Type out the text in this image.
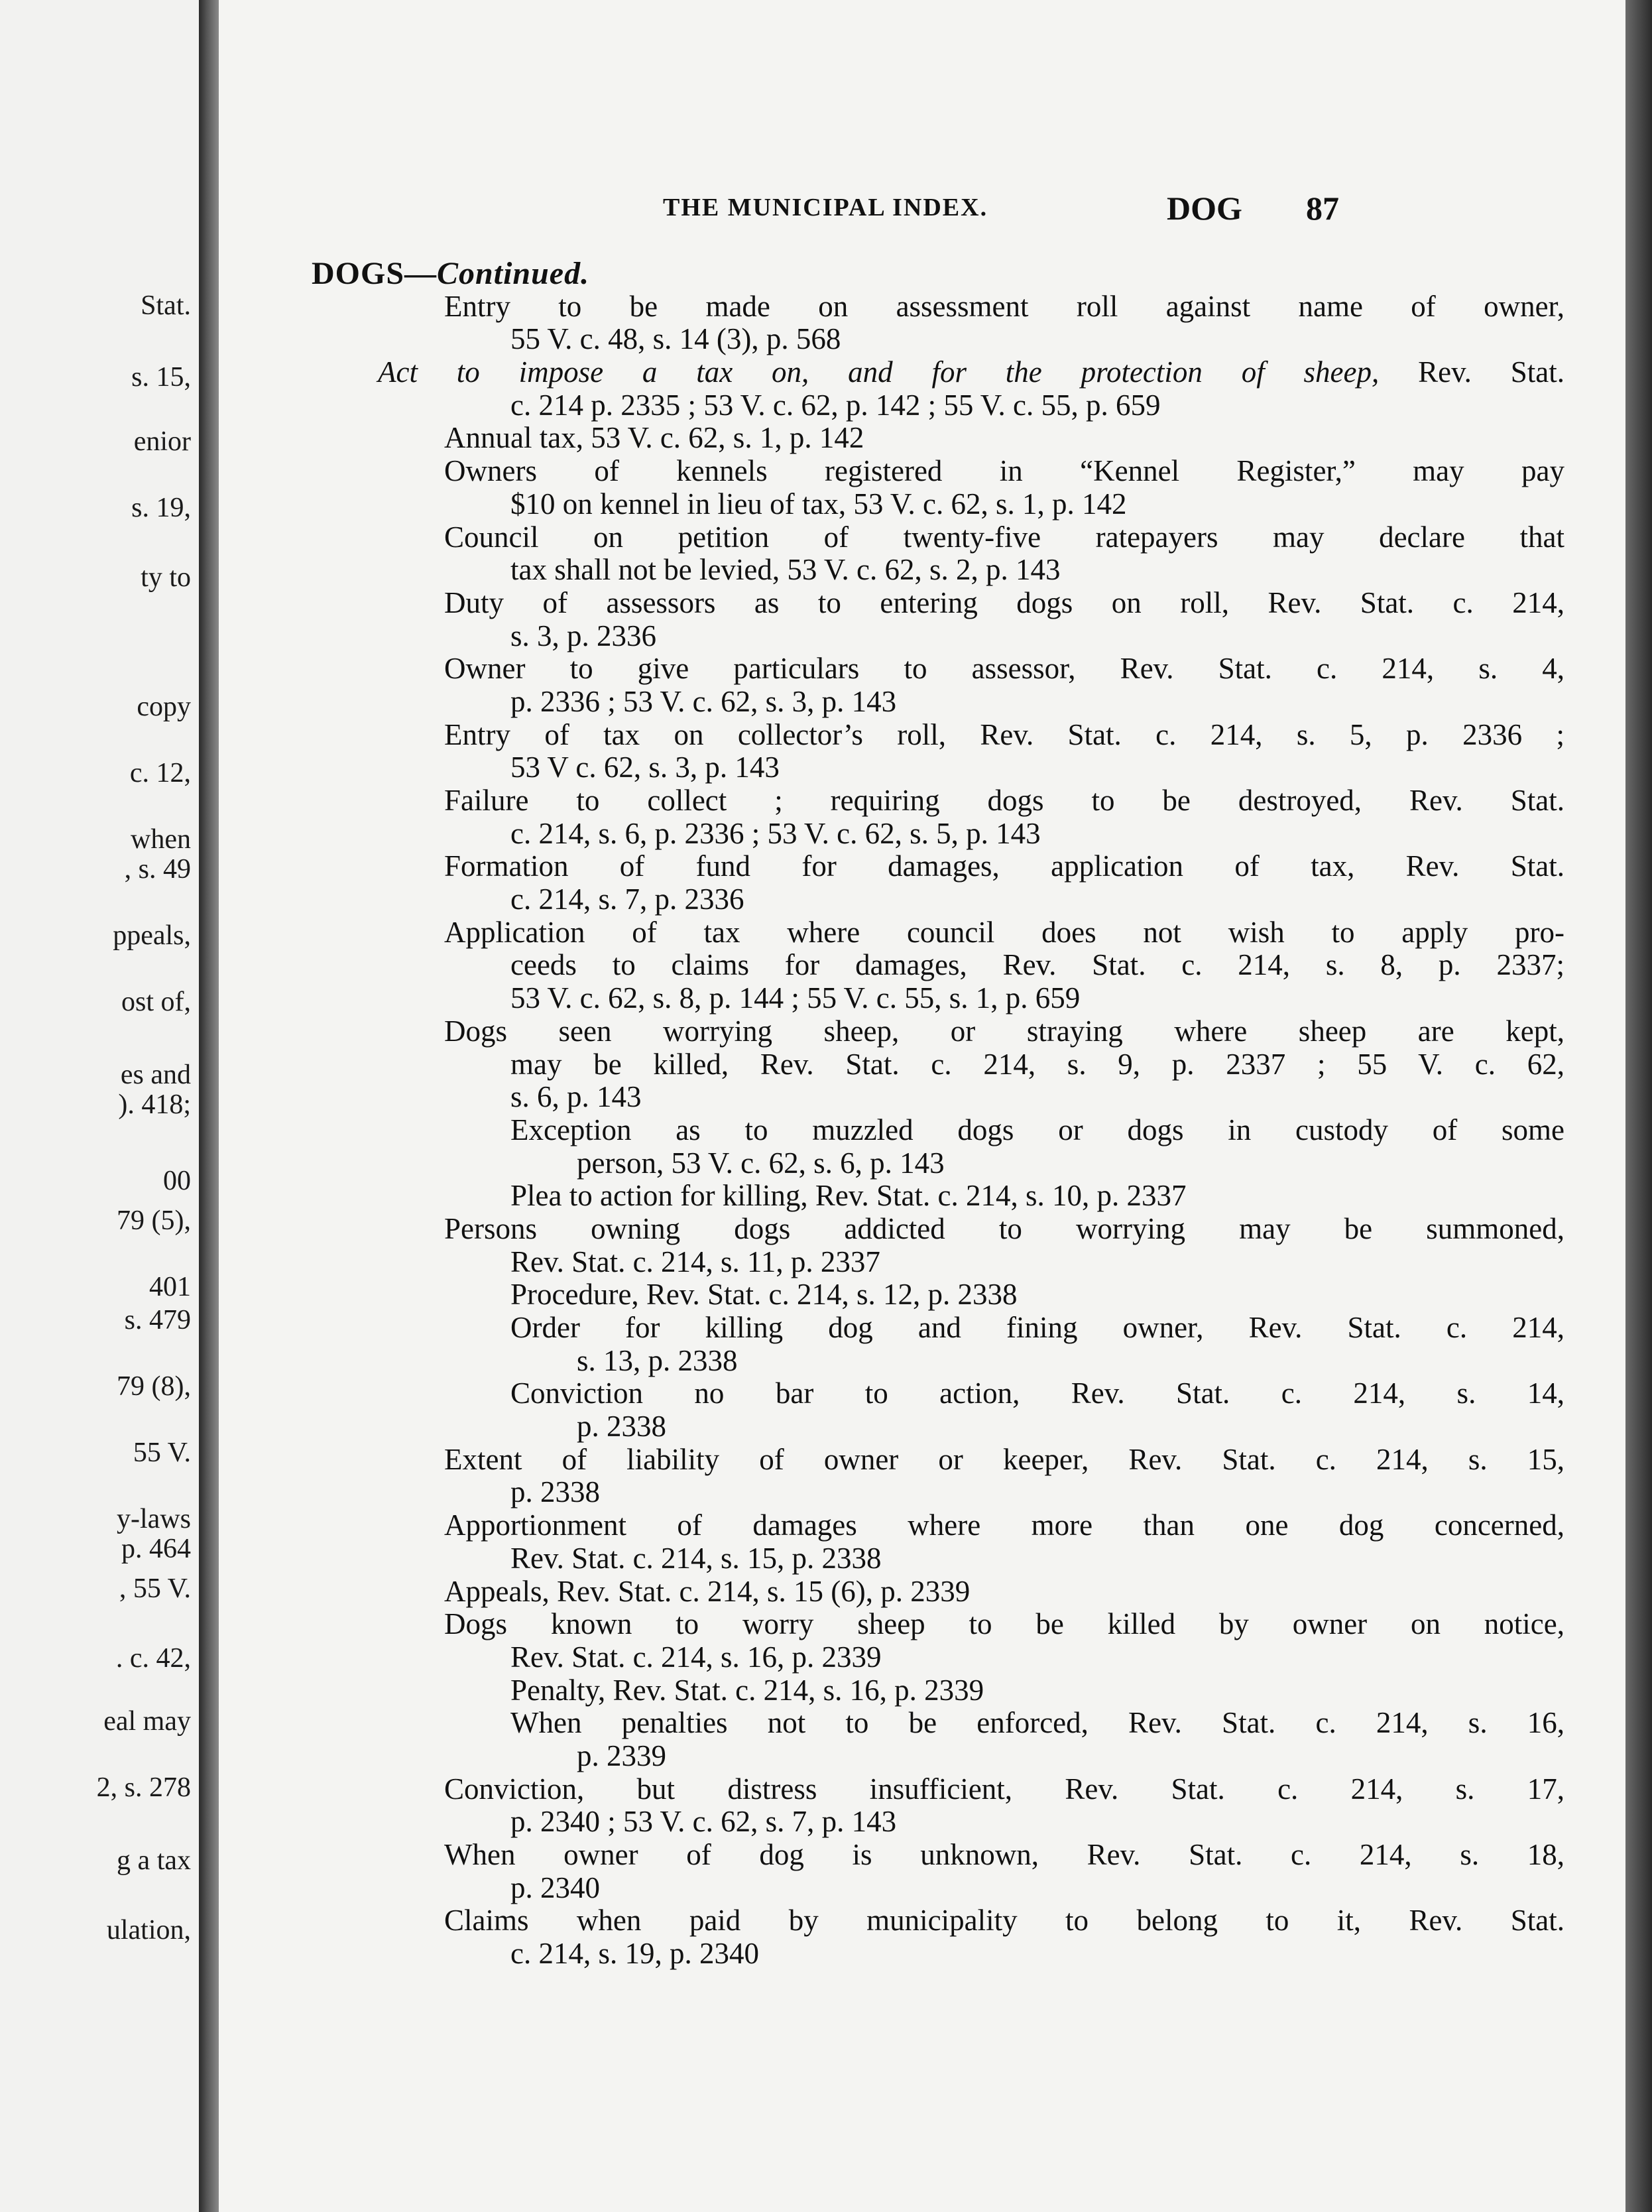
Stat.
s. 15,
enior
s. 19,
ty to
copy
c. 12,
when
, s. 49
ppeals,
ost of,
es and
). 418;
00
79 (5),
401
s. 479
79 (8),
55 V.
y-laws
p. 464
, 55 V.
. c. 42,
eal may
2, s. 278
g a tax
ulation,
THE MUNICIPAL INDEX.	DOG 87
DOGS—Continued.
Entry to be made on assessment roll against name of owner,
55 V. c. 48, s. 14 (3), p. 568
Act to impose a tax on, and for the protection of sheep, Rev. Stat.
c. 214 p. 2335 ; 53 V. c. 62, p. 142 ; 55 V. c. 55, p. 659
Annual tax, 53 V. c. 62, s. 1, p. 142
Owners of kennels registered in “Kennel Register,” may pay
$10 on kennel in lieu of tax, 53 V. c. 62, s. 1, p. 142
Council on petition of twenty-five ratepayers may declare that
tax shall not be levied, 53 V. c. 62, s. 2, p. 143
Duty of assessors as to entering dogs on roll, Rev. Stat. c. 214,
s. 3, p. 2336
Owner to give particulars to assessor, Rev. Stat. c. 214, s. 4,
p. 2336 ; 53 V. c. 62, s. 3, p. 143
Entry of tax on collector’s roll, Rev. Stat. c. 214, s. 5, p. 2336 ;
53 V c. 62, s. 3, p. 143
Failure to collect ; requiring dogs to be destroyed, Rev. Stat.
c. 214, s. 6, p. 2336 ; 53 V. c. 62, s. 5, p. 143
Formation of fund for damages, application of tax, Rev. Stat.
c. 214, s. 7, p. 2336
Application of tax where council does not wish to apply pro-
ceeds to claims for damages, Rev. Stat. c. 214, s. 8, p. 2337;
53 V. c. 62, s. 8, p. 144 ; 55 V. c. 55, s. 1, p. 659
Dogs seen worrying sheep, or straying where sheep are kept,
may be killed, Rev. Stat. c. 214, s. 9, p. 2337 ; 55 V. c. 62,
s. 6, p. 143
Exception as to muzzled dogs or dogs in custody of some
person, 53 V. c. 62, s. 6, p. 143
Plea to action for killing, Rev. Stat. c. 214, s. 10, p. 2337
Persons owning dogs addicted to worrying may be summoned,
Rev. Stat. c. 214, s. 11, p. 2337
Procedure, Rev. Stat. c. 214, s. 12, p. 2338
Order for killing dog and fining owner, Rev. Stat. c. 214,
s. 13, p. 2338
Conviction no bar to action, Rev. Stat. c. 214, s. 14,
p. 2338
Extent of liability of owner or keeper, Rev. Stat. c. 214, s. 15,
p. 2338
Apportionment of damages where more than one dog concerned,
Rev. Stat. c. 214, s. 15, p. 2338
Appeals, Rev. Stat. c. 214, s. 15 (6), p. 2339
Dogs known to worry sheep to be killed by owner on notice,
Rev. Stat. c. 214, s. 16, p. 2339
Penalty, Rev. Stat. c. 214, s. 16, p. 2339
When penalties not to be enforced, Rev. Stat. c. 214, s. 16,
p. 2339
Conviction, but distress insufficient, Rev. Stat. c. 214, s. 17,
p. 2340 ; 53 V. c. 62, s. 7, p. 143
When owner of dog is unknown, Rev. Stat. c. 214, s. 18,
p. 2340
Claims when paid by municipality to belong to it, Rev. Stat.
c. 214, s. 19, p. 2340
